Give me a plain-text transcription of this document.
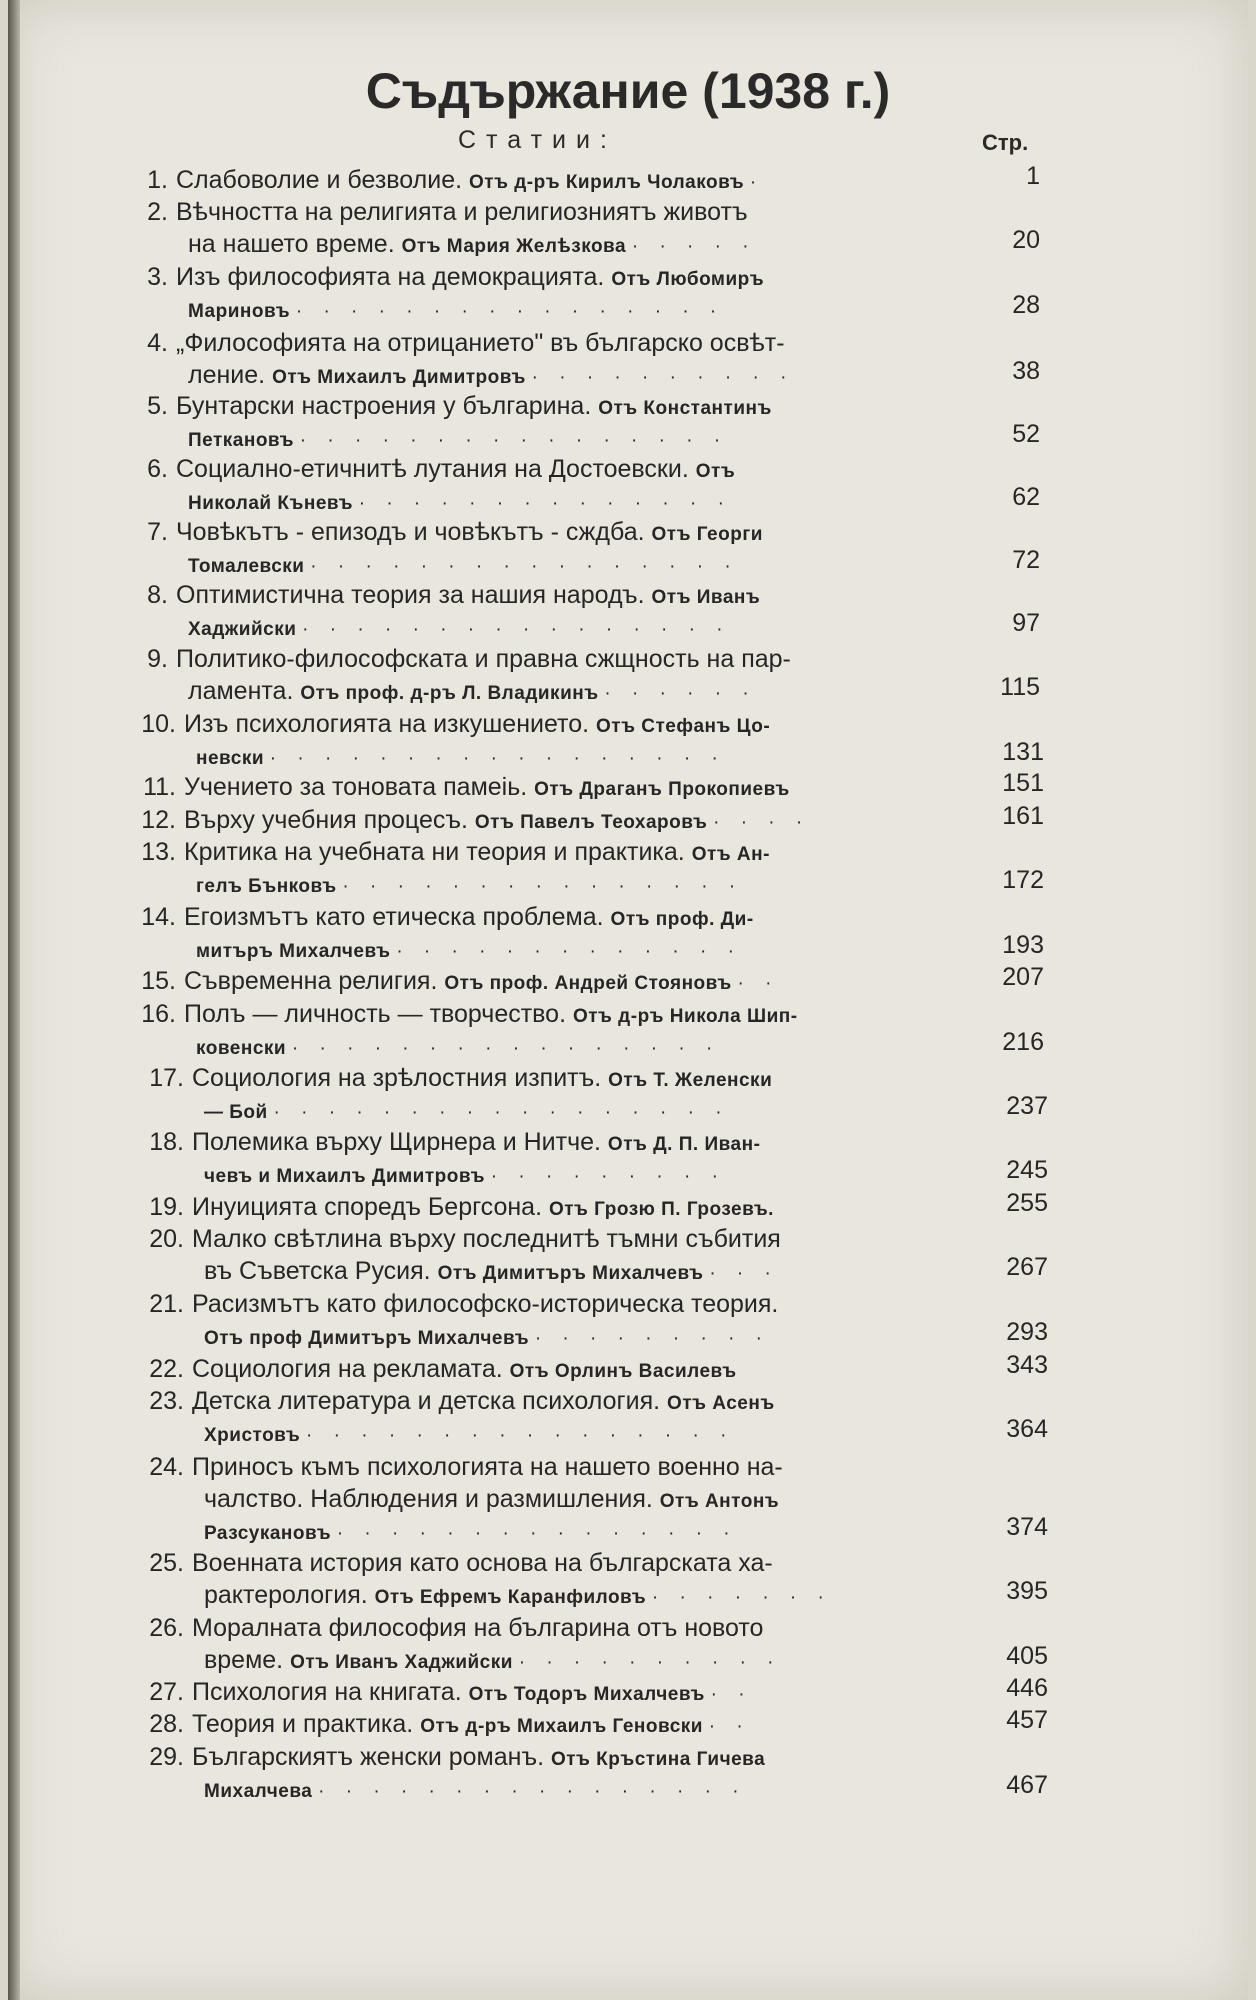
Съдържание (1938 г.)
Статии:	Стр.
1. Слабоволие и безволие. Отъ д-ръ Кирилъ Чолаковъ ·	1
2. Вѣчността на религията и религиозниятъ животъ
на нашето време. Отъ Мария Желѣзкова · · · · ·	20
3. Изъ философията на демокрацията. Отъ Любомиръ
Мариновъ · · · · · · · · · · · · · · · ·	28
4. „Философията на отрицанието" въ българско освѣт-
ление. Отъ Михаилъ Димитровъ · · · · · · · · · ·	38
5. Бунтарски настроения у българина. Отъ Константинъ
Петкановъ · · · · · · · · · · · · · · · ·	52
6. Социално-етичнитѣ лутания на Достоевски. Отъ
Николай Къневъ · · · · · · · · · · · · · ·	62
7. Човѣкътъ - епизодъ и човѣкътъ - сждба. Отъ Георги
Томалевски · · · · · · · · · · · · · · · ·	72
8. Оптимистична теория за нашия народъ. Отъ Иванъ
Хаджийски · · · · · · · · · · · · · · · ·	97
9. Политико-философската и правна сжщность на пар-
ламента. Отъ проф. д-ръ Л. Владикинъ · · · · · ·	115
10. Изъ психологията на изкушението. Отъ Стефанъ Цо-
невски · · · · · · · · · · · · · · · · ·	131
11. Учението за тоновата памеіь. Отъ Драганъ Прокопиевъ	151
12. Върху учебния процесъ. Отъ Павелъ Теохаровъ · · · ·	161
13. Критика на учебната ни теория и практика. Отъ Ан-
гелъ Бънковъ · · · · · · · · · · · · · · ·	172
14. Егоизмътъ като етическа проблема. Отъ проф. Ди-
митъръ Михалчевъ · · · · · · · · · · · · ·	193
15. Съвременна религия. Отъ проф. Андрей Стояновъ · ·	207
16. Полъ — личность — творчество. Отъ д-ръ Никола Шип-
ковенски · · · · · · · · · · · · · · · ·	216
17. Социология на зрѣлостния изпитъ. Отъ Т. Желенски
— Бой · · · · · · · · · · · · · · · · ·	237
18. Полемика върху Щирнера и Нитче. Отъ Д. П. Иван-
чевъ и Михаилъ Димитровъ · · · · · · · · ·	245
19. Инуицията споредъ Бергсона. Отъ Грозю П. Грозевъ.	255
20. Малко свѣтлина върху последнитѣ тъмни събития
въ Съветска Русия. Отъ Димитъръ Михалчевъ · · ·	267
21. Расизмътъ като философско-историческа теория.
Отъ проф Димитъръ Михалчевъ · · · · · · · · ·	293
22. Социология на рекламата. Отъ Орлинъ Василевъ	343
23. Детска литература и детска психология. Отъ Асенъ
Христовъ · · · · · · · · · · · · · · · ·	364
24. Приносъ къмъ психологията на нашето военно на-
чалство. Наблюдения и размишления. Отъ Антонъ
Разсукановъ · · · · · · · · · · · · · · ·	374
25. Военната история като основа на българската ха-
рактерология. Отъ Ефремъ Каранфиловъ · · · · · · ·	395
26. Моралната философия на българина отъ новото
време. Отъ Иванъ Хаджийски · · · · · · · · · ·	405
27. Психология на книгата. Отъ Тодоръ Михалчевъ · ·	446
28. Теория и практика. Отъ д-ръ Михаилъ Геновски · ·	457
29. Българскиятъ женски романъ. Отъ Кръстина Гичева
Михалчева · · · · · · · · · · · · · · · ·	467
